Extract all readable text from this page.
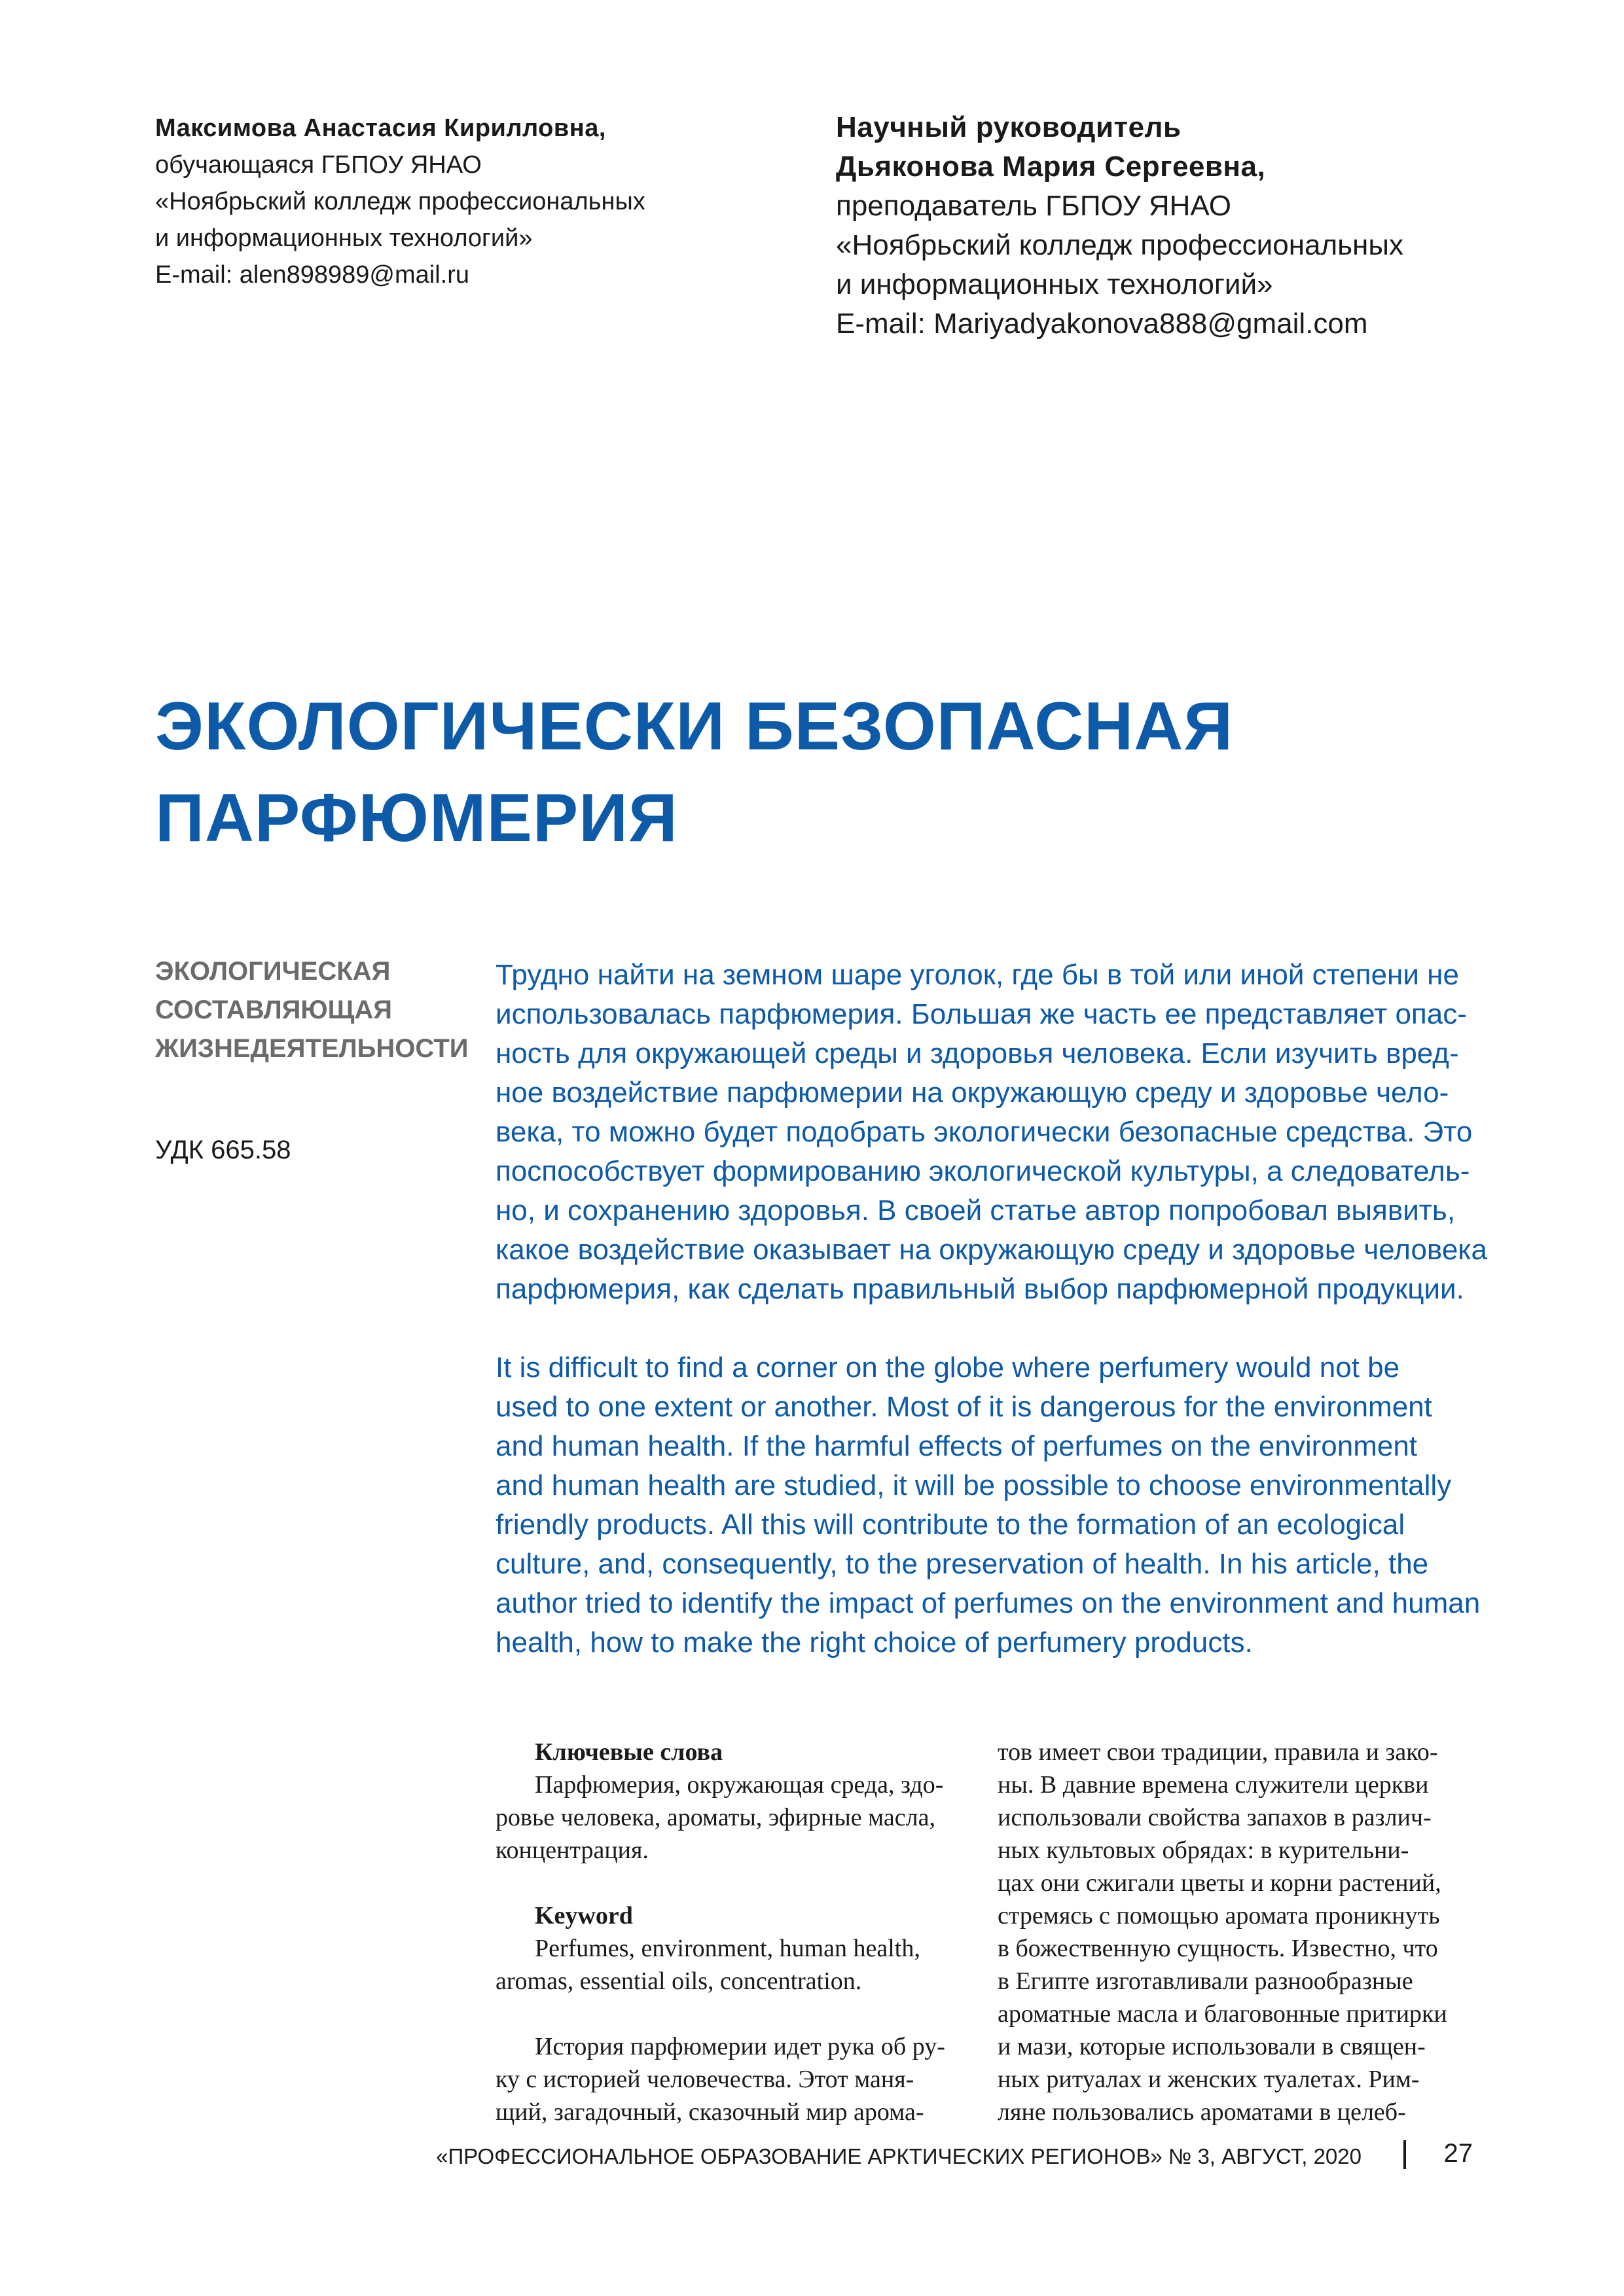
Максимова Анастасия Кирилловна,
обучающаяся ГБПОУ ЯНАО
«Ноябрьский колледж профессиональных
и информационных технологий»
E-mail: alen898989@mail.ru
Научный руководитель
Дьяконова Мария Сергеевна,
преподаватель ГБПОУ ЯНАО
«Ноябрьский колледж профессиональных
и информационных технологий»
E-mail: Mariyadyakonova888@gmail.com
ЭКОЛОГИЧЕСКИ БЕЗОПАСНАЯ
ПАРФЮМЕРИЯ
ЭКОЛОГИЧЕСКАЯ
СОСТАВЛЯЮЩАЯ
ЖИЗНЕДЕЯТЕЛЬНОСТИ
УДК 665.58
Трудно найти на земном шаре уголок, где бы в той или иной степени не
использовалась парфюмерия. Большая же часть ее представляет опас-
ность для окружающей среды и здоровья человека. Если изучить вред-
ное воздействие парфюмерии на окружающую среду и здоровье чело-
века, то можно будет подобрать экологически безопасные средства. Это
поспособствует формированию экологической культуры, а следователь-
но, и сохранению здоровья. В своей статье автор попробовал выявить,
какое воздействие оказывает на окружающую среду и здоровье человека
парфюмерия, как сделать правильный выбор парфюмерной продукции.
It is difficult to find a corner on the globe where perfumery would not be
used to one extent or another. Most of it is dangerous for the environment
and human health. If the harmful effects of perfumes on the environment
and human health are studied, it will be possible to choose environmentally
friendly products. All this will contribute to the formation of an ecological
culture, and, consequently, to the preservation of health. In his article, the
author tried to identify the impact of perfumes on the environment and human
health, how to make the right choice of perfumery products.
Ключевые слова
Парфюмерия, окружающая среда, здо-
ровье человека, ароматы, эфирные масла,
концентрация.
Keyword
Perfumes, environment, human health,
aromas, essential oils, concentration.
История парфюмерии идет рука об ру-
ку с историей человечества. Этот маня-
щий, загадочный, сказочный мир арома-
тов имеет свои традиции, правила и зако-
ны. В давние времена служители церкви
использовали свойства запахов в различ-
ных культовых обрядах: в курительни-
цах они сжигали цветы и корни растений,
стремясь с помощью аромата проникнуть
в божественную сущность. Известно, что
в Египте изготавливали разнообразные
ароматные масла и благовонные притирки
и мази, которые использовали в священ-
ных ритуалах и женских туалетах. Рим-
ляне пользовались ароматами в целеб-
«ПРОФЕССИОНАЛЬНОЕ ОБРАЗОВАНИЕ АРКТИЧЕСКИХ РЕГИОНОВ» № 3, АВГУСТ, 2020	27
